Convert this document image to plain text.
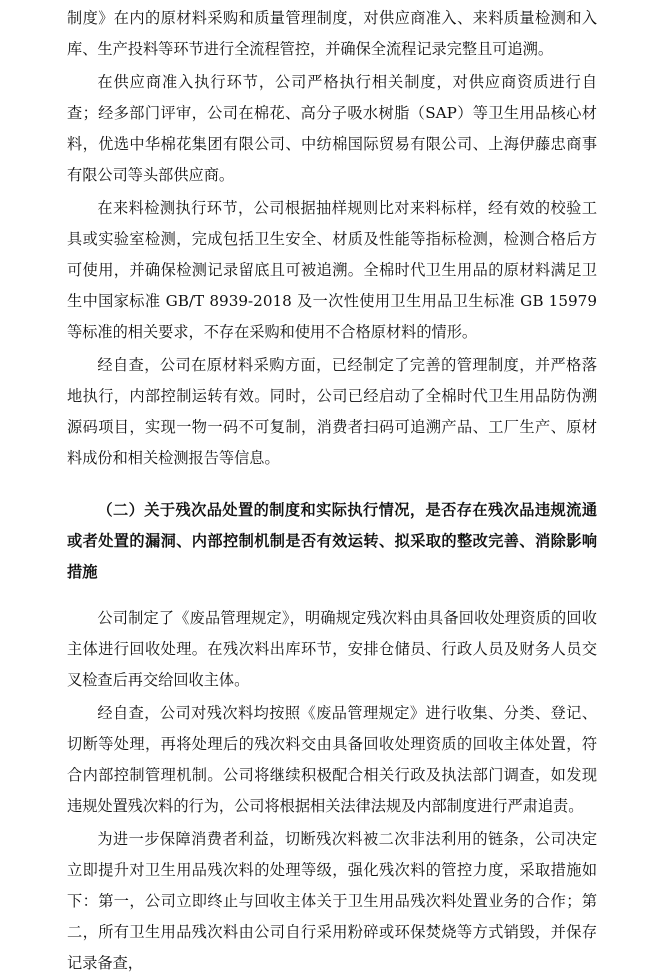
制度》在内的原材料采购和质量管理制度，对供应商准入、来料质量检测和入库、生产投料等环节进行全流程管控，并确保全流程记录完整且可追溯。

在供应商准入执行环节，公司严格执行相关制度，对供应商资质进行自查；经多部门评审，公司在棉花、高分子吸水树脂（SAP）等卫生用品核心材料，优选中华棉花集团有限公司、中纺棉国际贸易有限公司、上海伊藤忠商事有限公司等头部供应商。

在来料检测执行环节，公司根据抽样规则比对来料标样，经有效的校验工具或实验室检测，完成包括卫生安全、材质及性能等指标检测，检测合格后方可使用，并确保检测记录留底且可被追溯。全棉时代卫生用品的原材料满足卫生中国家标准 GB/T 8939-2018 及一次性使用卫生用品卫生标准 GB 15979 等标准的相关要求，不存在采购和使用不合格原材料的情形。

经自查，公司在原材料采购方面，已经制定了完善的管理制度，并严格落地执行，内部控制运转有效。同时，公司已经启动了全棉时代卫生用品防伪溯源码项目，实现一物一码不可复制，消费者扫码可追溯产品、工厂生产、原材料成份和相关检测报告等信息。

（二）关于残次品处置的制度和实际执行情况，是否存在残次品违规流通或者处置的漏洞、内部控制机制是否有效运转、拟采取的整改完善、消除影响措施

公司制定了《废品管理规定》，明确规定残次料由具备回收处理资质的回收主体进行回收处理。在残次料出库环节，安排仓储员、行政人员及财务人员交叉检查后再交给回收主体。

经自查，公司对残次料均按照《废品管理规定》进行收集、分类、登记、切断等处理，再将处理后的残次料交由具备回收处理资质的回收主体处置，符合内部控制管理机制。公司将继续积极配合相关行政及执法部门调查，如发现违规处置残次料的行为，公司将根据相关法律法规及内部制度进行严肃追责。

为进一步保障消费者利益，切断残次料被二次非法利用的链条，公司决定立即提升对卫生用品残次料的处理等级，强化残次料的管控力度，采取措施如下：第一，公司立即终止与回收主体关于卫生用品残次料处置业务的合作；第二，所有卫生用品残次料由公司自行采用粉碎或环保焚烧等方式销毁，并保存记录备查，
